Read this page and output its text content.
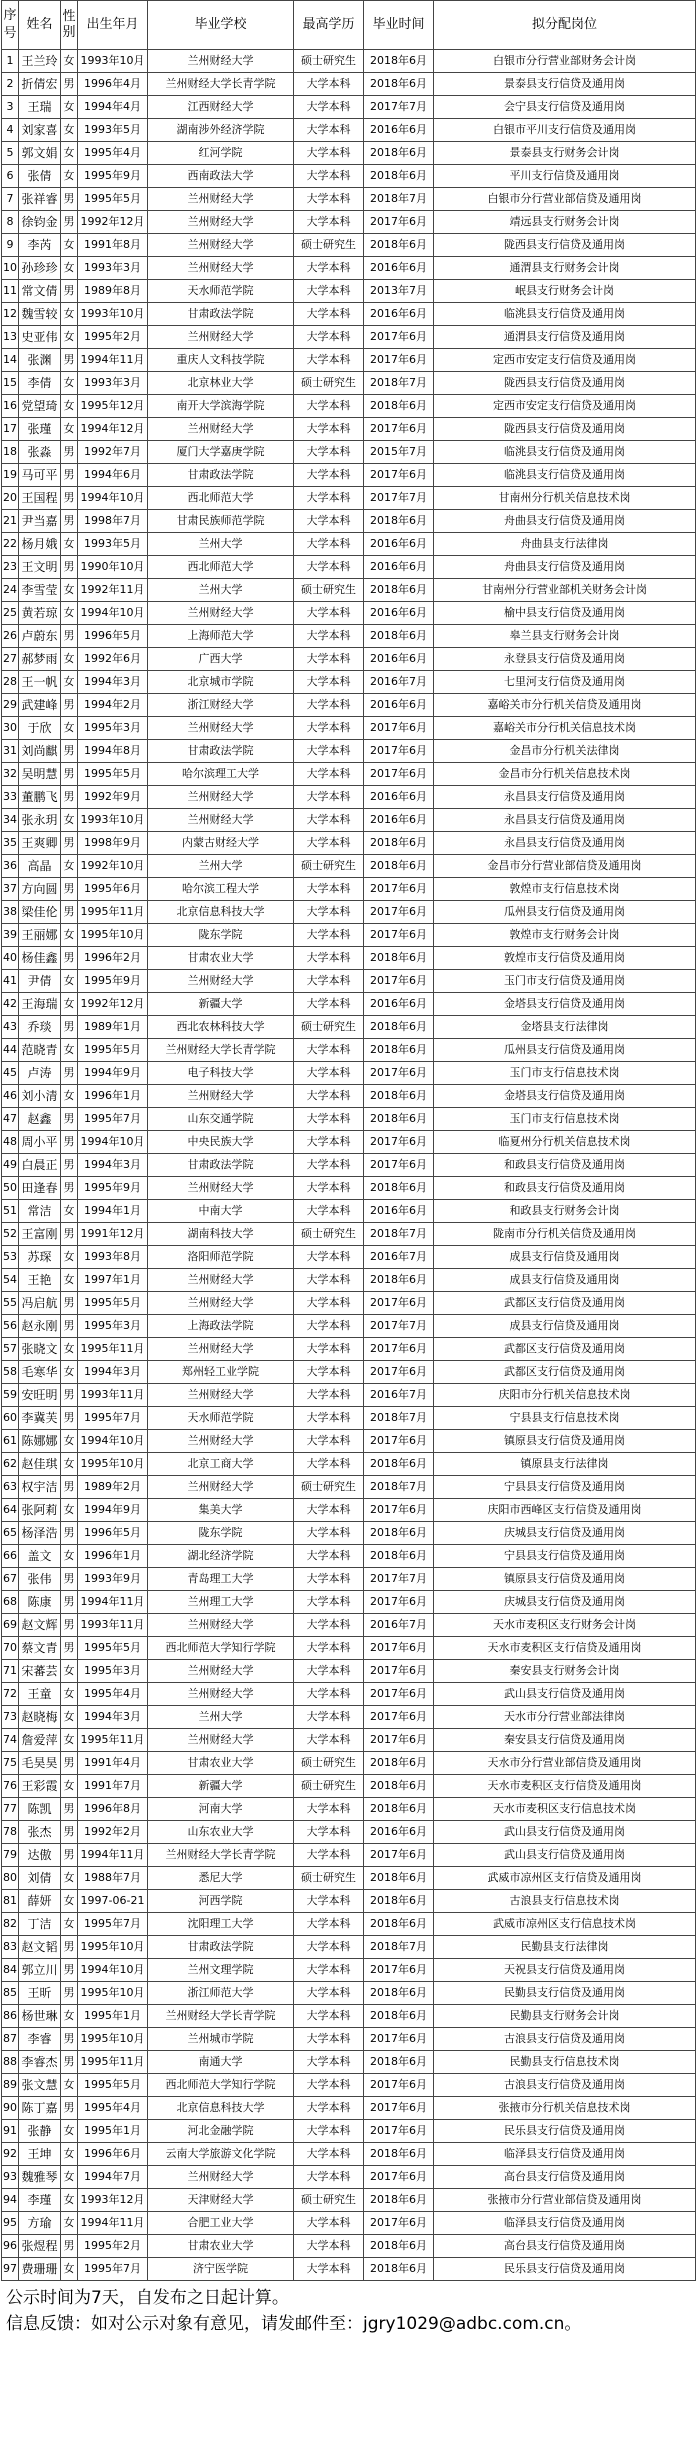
序号	姓名	性别	出生年月	毕业学校	最高学历	毕业时间	拟分配岗位
1	王兰玲	女	1993年10月	兰州财经大学	硕士研究生	2018年6月	白银市分行营业部财务会计岗
2	折倩宏	男	1996年4月	兰州财经大学长青学院	大学本科	2018年6月	景泰县支行信贷及通用岗
3	王瑞	女	1994年4月	江西财经大学	大学本科	2017年7月	会宁县支行信贷及通用岗
4	刘家喜	女	1993年5月	湖南涉外经济学院	大学本科	2016年6月	白银市平川支行信贷及通用岗
5	郭文娟	女	1995年4月	红河学院	大学本科	2018年6月	景泰县支行财务会计岗
6	张倩	女	1995年9月	西南政法大学	大学本科	2018年6月	平川支行信贷及通用岗
7	张祥睿	男	1995年5月	兰州财经大学	大学本科	2018年7月	白银市分行营业部信贷及通用岗
8	徐钧金	男	1992年12月	兰州财经大学	大学本科	2017年6月	靖远县支行财务会计岗
9	李芮	女	1991年8月	兰州财经大学	硕士研究生	2018年6月	陇西县支行信贷及通用岗
10	孙珍珍	女	1993年3月	兰州财经大学	大学本科	2016年6月	通渭县支行财务会计岗
11	常文倩	男	1989年8月	天水师范学院	大学本科	2013年7月	岷县支行财务会计岗
12	魏雪较	女	1993年10月	甘肃政法学院	大学本科	2016年6月	临洮县支行信贷及通用岗
13	史亚伟	女	1995年2月	兰州财经大学	大学本科	2017年6月	通渭县支行信贷及通用岗
14	张渊	男	1994年11月	重庆人文科技学院	大学本科	2017年6月	定西市安定支行信贷及通用岗
15	李倩	女	1993年3月	北京林业大学	硕士研究生	2018年7月	陇西县支行信贷及通用岗
16	党望琦	女	1995年12月	南开大学滨海学院	大学本科	2018年6月	定西市安定支行信贷及通用岗
17	张瑾	女	1994年12月	兰州财经大学	大学本科	2017年6月	陇西县支行信贷及通用岗
18	张淼	男	1992年7月	厦门大学嘉庚学院	大学本科	2015年7月	临洮县支行信贷及通用岗
19	马可平	男	1994年6月	甘肃政法学院	大学本科	2017年6月	临洮县支行信贷及通用岗
20	王国程	男	1994年10月	西北师范大学	大学本科	2017年7月	甘南州分行机关信息技术岗
21	尹当嘉	男	1998年7月	甘肃民族师范学院	大学本科	2018年6月	舟曲县支行信贷及通用岗
22	杨月娥	女	1993年5月	兰州大学	大学本科	2016年6月	舟曲县支行法律岗
23	王文明	男	1990年10月	西北师范大学	大学本科	2016年6月	舟曲县支行信贷及通用岗
24	李雪莹	女	1992年11月	兰州大学	硕士研究生	2018年6月	甘南州分行营业部机关财务会计岗
25	黄若琼	女	1994年10月	兰州财经大学	大学本科	2016年6月	榆中县支行信贷及通用岗
26	卢蔚东	男	1996年5月	上海师范大学	大学本科	2018年6月	皋兰县支行财务会计岗
27	郝梦雨	女	1992年6月	广西大学	大学本科	2016年6月	永登县支行信贷及通用岗
28	王一帆	女	1994年3月	北京城市学院	大学本科	2016年7月	七里河支行信贷及通用岗
29	武建峰	男	1994年2月	浙江财经大学	大学本科	2016年6月	嘉峪关市分行机关信贷及通用岗
30	于欣	女	1995年3月	兰州财经大学	大学本科	2017年6月	嘉峪关市分行机关信息技术岗
31	刘尚麒	男	1994年8月	甘肃政法学院	大学本科	2017年6月	金昌市分行机关法律岗
32	吴明慧	男	1995年5月	哈尔滨理工大学	大学本科	2017年6月	金昌市分行机关信息技术岗
33	董鹏飞	男	1992年9月	兰州财经大学	大学本科	2016年6月	永昌县支行信贷及通用岗
34	张永玥	女	1993年10月	兰州财经大学	大学本科	2016年6月	永昌县支行信贷及通用岗
35	王爽卿	男	1998年9月	内蒙古财经大学	大学本科	2018年6月	永昌县支行信贷及通用岗
36	高晶	女	1992年10月	兰州大学	硕士研究生	2018年6月	金昌市分行营业部信贷及通用岗
37	方向圆	男	1995年6月	哈尔滨工程大学	大学本科	2017年6月	敦煌市支行信息技术岗
38	梁佳伦	男	1995年11月	北京信息科技大学	大学本科	2017年6月	瓜州县支行信贷及通用岗
39	王丽娜	女	1995年10月	陇东学院	大学本科	2017年6月	敦煌市支行财务会计岗
40	杨佳鑫	男	1996年2月	甘肃农业大学	大学本科	2018年6月	敦煌市支行信贷及通用岗
41	尹倩	女	1995年9月	兰州财经大学	大学本科	2017年6月	玉门市支行信贷及通用岗
42	王海瑞	女	1992年12月	新疆大学	大学本科	2016年6月	金塔县支行信贷及通用岗
43	乔琰	男	1989年1月	西北农林科技大学	硕士研究生	2018年6月	金塔县支行法律岗
44	范晓青	女	1995年5月	兰州财经大学长青学院	大学本科	2018年6月	瓜州县支行信贷及通用岗
45	卢涛	男	1994年9月	电子科技大学	大学本科	2017年6月	玉门市支行信息技术岗
46	刘小清	女	1996年1月	兰州财经大学	大学本科	2018年6月	金塔县支行信贷及通用岗
47	赵鑫	男	1995年7月	山东交通学院	大学本科	2018年6月	玉门市支行信息技术岗
48	周小平	男	1994年10月	中央民族大学	大学本科	2017年6月	临夏州分行机关信息技术岗
49	白晨正	男	1994年3月	甘肃政法学院	大学本科	2017年6月	和政县支行信贷及通用岗
50	田逢春	男	1995年9月	兰州财经大学	大学本科	2018年6月	和政县支行信贷及通用岗
51	常洁	女	1994年1月	中南大学	大学本科	2016年6月	和政县支行财务会计岗
52	王富刚	男	1991年12月	湖南科技大学	硕士研究生	2018年7月	陇南市分行机关信贷及通用岗
53	苏琛	女	1993年8月	洛阳师范学院	大学本科	2016年7月	成县支行信贷及通用岗
54	王艳	女	1997年1月	兰州财经大学	大学本科	2018年6月	成县支行信贷及通用岗
55	冯启航	男	1995年5月	兰州财经大学	大学本科	2017年6月	武都区支行信贷及通用岗
56	赵永刚	男	1995年3月	上海政法学院	大学本科	2017年7月	成县支行信贷及通用岗
57	张晓文	女	1995年11月	兰州财经大学	大学本科	2017年6月	武都区支行信贷及通用岗
58	毛寒华	女	1994年3月	郑州轻工业学院	大学本科	2017年6月	武都区支行信贷及通用岗
59	安旺明	男	1993年11月	兰州财经大学	大学本科	2016年7月	庆阳市分行机关信息技术岗
60	李冀芙	男	1995年7月	天水师范学院	大学本科	2018年7月	宁县县支行信息技术岗
61	陈娜娜	女	1994年10月	兰州财经大学	大学本科	2017年6月	镇原县支行信贷及通用岗
62	赵佳琪	女	1995年10月	北京工商大学	大学本科	2018年6月	镇原县支行法律岗
63	权宇洁	男	1989年2月	兰州财经大学	硕士研究生	2018年7月	宁县县支行信贷及通用岗
64	张阿莉	女	1994年9月	集美大学	大学本科	2017年6月	庆阳市西峰区支行信贷及通用岗
65	杨泽浩	男	1996年5月	陇东学院	大学本科	2018年6月	庆城县支行信贷及通用岗
66	盖文	女	1996年1月	湖北经济学院	大学本科	2018年6月	宁县县支行信贷及通用岗
67	张伟	男	1993年9月	青岛理工大学	大学本科	2017年7月	镇原县支行信贷及通用岗
68	陈康	男	1994年11月	兰州理工大学	大学本科	2017年6月	庆城县支行信贷及通用岗
69	赵文辉	男	1993年11月	兰州财经大学	大学本科	2016年7月	天水市麦积区支行财务会计岗
70	蔡文青	男	1995年5月	西北师范大学知行学院	大学本科	2017年6月	天水市麦积区支行信贷及通用岗
71	宋蕃芸	女	1995年3月	兰州财经大学	大学本科	2017年6月	秦安县支行财务会计岗
72	王童	女	1995年4月	兰州财经大学	大学本科	2017年6月	武山县支行信贷及通用岗
73	赵晓梅	女	1994年3月	兰州大学	大学本科	2017年6月	天水市分行营业部法律岗
74	詹爱萍	女	1995年11月	兰州财经大学	大学本科	2017年6月	秦安县支行信贷及通用岗
75	毛昊昊	男	1991年4月	甘肃农业大学	硕士研究生	2018年6月	天水市分行营业部信贷及通用岗
76	王彩霞	女	1991年7月	新疆大学	硕士研究生	2018年6月	天水市麦积区支行信贷及通用岗
77	陈凯	男	1996年8月	河南大学	大学本科	2018年6月	天水市麦积区支行信息技术岗
78	张杰	男	1992年2月	山东农业大学	大学本科	2016年6月	武山县支行信贷及通用岗
79	达傲	男	1994年11月	兰州财经大学长青学院	大学本科	2017年6月	武山县支行信贷及通用岗
80	刘倩	女	1988年7月	悉尼大学	硕士研究生	2018年6月	武威市凉州区支行信贷及通用岗
81	薛妍	女	1997-06-21	河西学院	大学本科	2018年6月	古浪县支行信息技术岗
82	丁洁	女	1995年7月	沈阳理工大学	大学本科	2018年6月	武威市凉州区支行信息技术岗
83	赵文韬	男	1995年10月	甘肃政法学院	大学本科	2018年7月	民勤县支行法律岗
84	郭立川	男	1994年10月	兰州文理学院	大学本科	2017年6月	天祝县支行信贷及通用岗
85	王昕	男	1995年10月	浙江师范大学	大学本科	2018年6月	民勤县支行信贷及通用岗
86	杨世琳	女	1995年1月	兰州财经大学长青学院	大学本科	2018年6月	民勤县支行财务会计岗
87	李睿	男	1995年10月	兰州城市学院	大学本科	2017年6月	古浪县支行信贷及通用岗
88	李睿杰	男	1995年11月	南通大学	大学本科	2018年6月	民勤县支行信息技术岗
89	张文慧	女	1995年5月	西北师范大学知行学院	大学本科	2017年6月	古浪县支行信贷及通用岗
90	陈丁嘉	男	1995年4月	北京信息科技大学	大学本科	2017年6月	张掖市分行机关信息技术岗
91	张静	女	1995年1月	河北金融学院	大学本科	2017年6月	民乐县支行信贷及通用岗
92	王坤	女	1996年6月	云南大学旅游文化学院	大学本科	2018年6月	临泽县支行信贷及通用岗
93	魏雅琴	女	1994年7月	兰州财经大学	大学本科	2017年6月	高台县支行信贷及通用岗
94	李瑾	女	1993年12月	天津财经大学	硕士研究生	2018年6月	张掖市分行营业部信贷及通用岗
95	方瑜	女	1994年11月	合肥工业大学	大学本科	2017年6月	临泽县支行信贷及通用岗
96	张煜程	男	1995年2月	甘肃农业大学	大学本科	2018年6月	高台县支行信贷及通用岗
97	费珊珊	女	1995年7月	济宁医学院	大学本科	2018年6月	民乐县支行信贷及通用岗

公示时间为7天，自发布之日起计算。

信息反馈：如对公示对象有意见，请发邮件至：jgry1029@adbc.com.cn。
